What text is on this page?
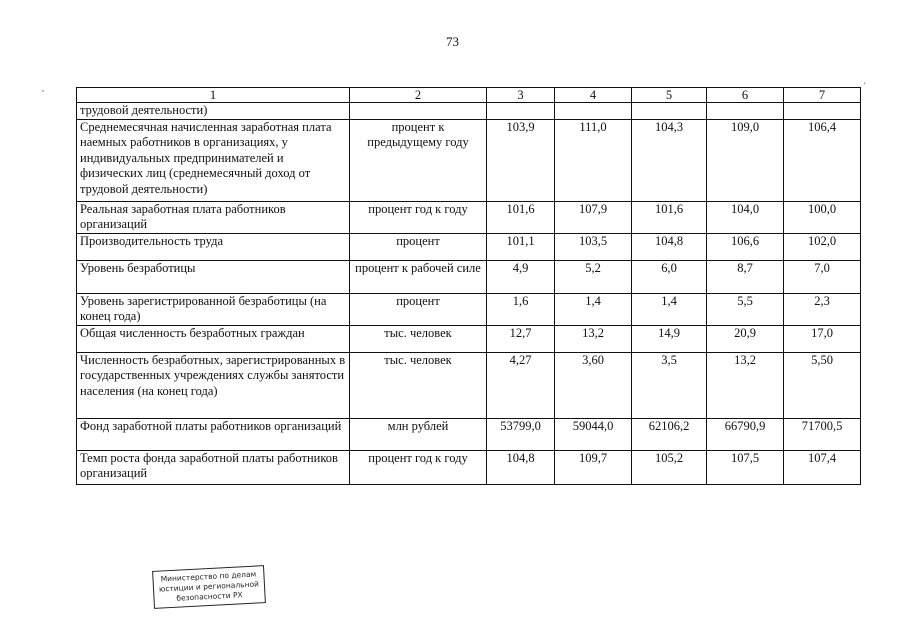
73
,	'
1	2	3	4	5	6	7
трудовой деятельности)						
Среднемесячная начисленная заработная плата наемных работников в организациях, у индивидуальных предпринимателей и физических лиц (среднемесячный доход от трудовой деятельности)	процент к предыдущему году	103,9	111,0	104,3	109,0	106,4
Реальная заработная плата работников организаций	процент год к году	101,6	107,9	101,6	104,0	100,0
Производительность труда	процент	101,1	103,5	104,8	106,6	102,0
Уровень безработицы	процент к рабочей силе	4,9	5,2	6,0	8,7	7,0
Уровень зарегистрированной безработицы (на конец года)	процент	1,6	1,4	1,4	5,5	2,3
Общая численность безработных граждан	тыс. человек	12,7	13,2	14,9	20,9	17,0
Численность безработных, зарегистрированных в государственных учреждениях службы занятости населения (на конец года)	тыс. человек	4,27	3,60	3,5	13,2	5,50
Фонд заработной платы работников организаций	млн рублей	53799,0	59044,0	62106,2	66790,9	71700,5
Темп роста фонда заработной платы работников организаций	процент год к году	104,8	109,7	105,2	107,5	107,4
Министерство по делам
юстиции и региональной
безопасности РХ
